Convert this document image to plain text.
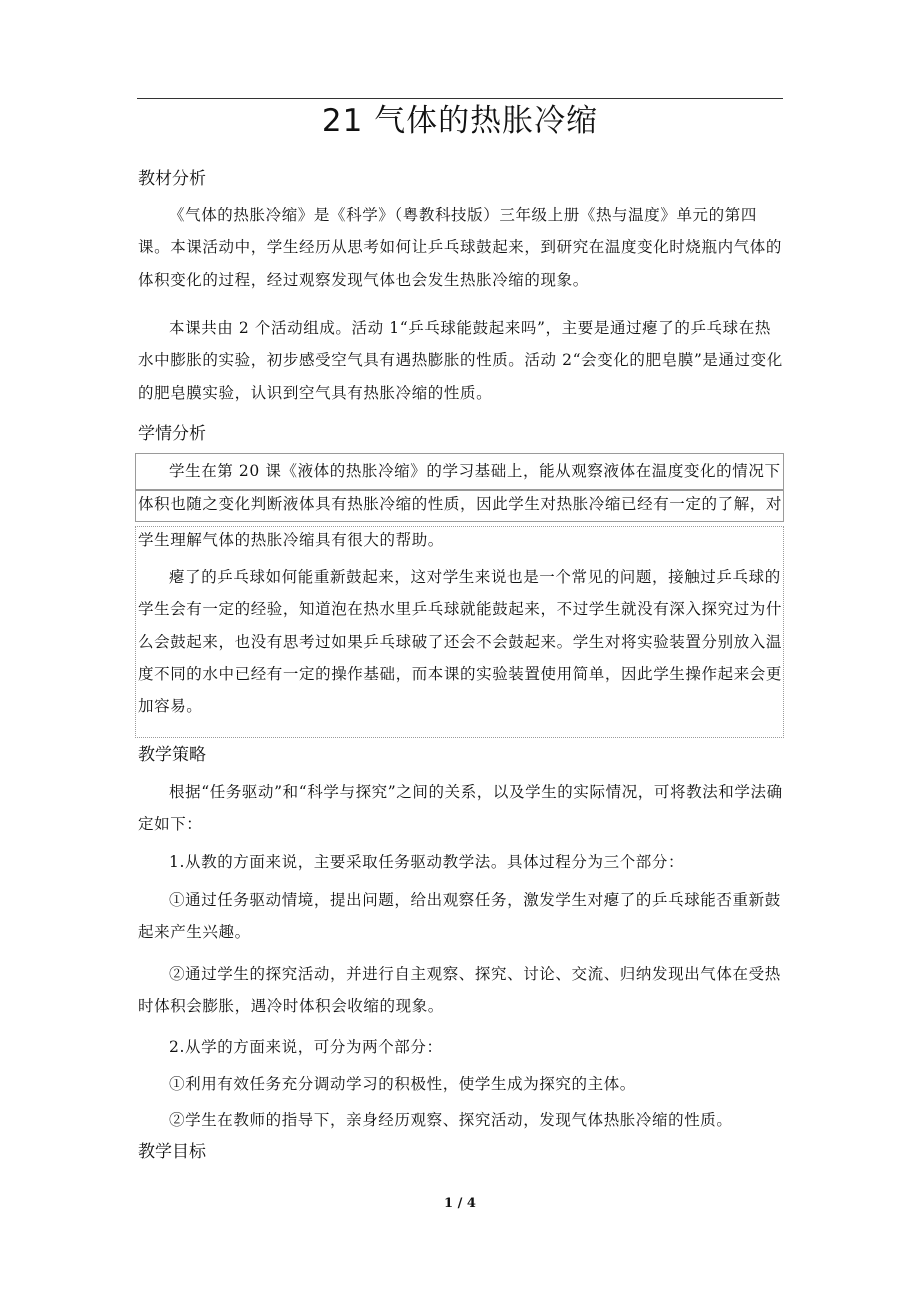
21 气体的热胀冷缩
教材分析
《气体的热胀冷缩》是《科学》（粤教科技版）三年级上册《热与温度》单元的第四课。本课活动中，学生经历从思考如何让乒乓球鼓起来，到研究在温度变化时烧瓶内气体的体积变化的过程，经过观察发现气体也会发生热胀冷缩的现象。
本课共由 2 个活动组成。活动 1“乒乓球能鼓起来吗”，主要是通过瘪了的乒乓球在热水中膨胀的实验，初步感受空气具有遇热膨胀的性质。活动 2“会变化的肥皂膜”是通过变化的肥皂膜实验，认识到空气具有热胀冷缩的性质。
学情分析
学生在第 20 课《液体的热胀冷缩》的学习基础上，能从观察液体在温度变化的情况下
体积也随之变化判断液体具有热胀冷缩的性质，因此学生对热胀冷缩已经有一定的了解，对
学生理解气体的热胀冷缩具有很大的帮助。
瘪了的乒乓球如何能重新鼓起来，这对学生来说也是一个常见的问题，接触过乒乓球的学生会有一定的经验，知道泡在热水里乒乓球就能鼓起来，不过学生就没有深入探究过为什么会鼓起来，也没有思考过如果乒乓球破了还会不会鼓起来。学生对将实验装置分别放入温度不同的水中已经有一定的操作基础，而本课的实验装置使用简单，因此学生操作起来会更加容易。
教学策略
根据“任务驱动”和“科学与探究”之间的关系，以及学生的实际情况，可将教法和学法确定如下：
1.从教的方面来说，主要采取任务驱动教学法。具体过程分为三个部分：
①通过任务驱动情境，提出问题，给出观察任务，激发学生对瘪了的乒乓球能否重新鼓起来产生兴趣。
②通过学生的探究活动，并进行自主观察、探究、讨论、交流、归纳发现出气体在受热时体积会膨胀，遇冷时体积会收缩的现象。
2.从学的方面来说，可分为两个部分：
①利用有效任务充分调动学习的积极性，使学生成为探究的主体。
②学生在教师的指导下，亲身经历观察、探究活动，发现气体热胀冷缩的性质。
教学目标
1 / 4
